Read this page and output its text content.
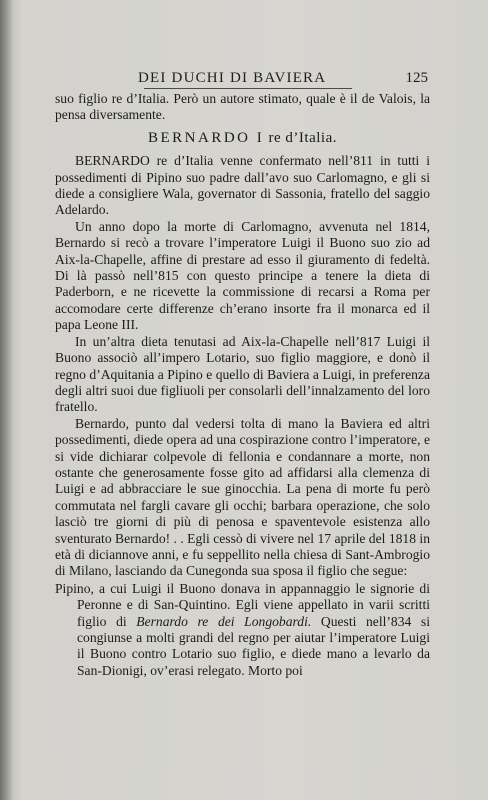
DEI DUCHI DI BAVIERA	125

suo figlio re d’Italia. Però un autore stimato, quale è il de Valois, la pensa diversamente.

BERNARDO I re d’Italia.

BERNARDO re d’Italia venne confermato nell’811 in tutti i possedimenti di Pipino suo padre dall’avo suo Carlomagno, e gli si diede a consigliere Wala, governator di Sassonia, fratello del saggio Adelardo.

Un anno dopo la morte di Carlomagno, avvenuta nel 1814, Bernardo si recò a trovare l’imperatore Luigi il Buono suo zio ad Aix-la-Chapelle, affine di prestare ad esso il giuramento di fedeltà. Di là passò nell’815 con questo principe a tenere la dieta di Paderborn, e ne ricevette la commissione di recarsi a Roma per accomodare certe differenze ch’erano insorte fra il monarca ed il papa Leone III.

In un’altra dieta tenutasi ad Aix-la-Chapelle nell’817 Luigi il Buono associò all’impero Lotario, suo figlio maggiore, e donò il regno d’Aquitania a Pipino e quello di Baviera a Luigi, in preferenza degli altri suoi due figliuoli per consolarli dell’innalzamento del loro fratello.

Bernardo, punto dal vedersi tolta di mano la Baviera ed altri possedimenti, diede opera ad una cospirazione contro l’imperatore, e si vide dichiarar colpevole di fellonia e condannare a morte, non ostante che generosamente fosse gito ad affidarsi alla clemenza di Luigi e ad abbracciare le sue ginocchia. La pena di morte fu però commutata nel fargli cavare gli occhi; barbara operazione, che solo lasciò tre giorni di più di penosa e spaventevole esistenza allo sventurato Bernardo! . . Egli cessò di vivere nel 17 aprile del 1818 in età di diciannove anni, e fu seppellito nella chiesa di Sant-Ambrogio di Milano, lasciando da Cunegonda sua sposa il figlio che segue:

Pipino, a cui Luigi il Buono donava in appannaggio le signorie di Peronne e di San-Quintino. Egli viene appellato in varii scritti figlio di Bernardo re dei Longobardi. Questi nell’834 si congiunse a molti grandi del regno per aiutar l’imperatore Luigi il Buono contro Lotario suo figlio, e diede mano a levarlo da San-Dionigi, ov’erasi relegato. Morto poi
